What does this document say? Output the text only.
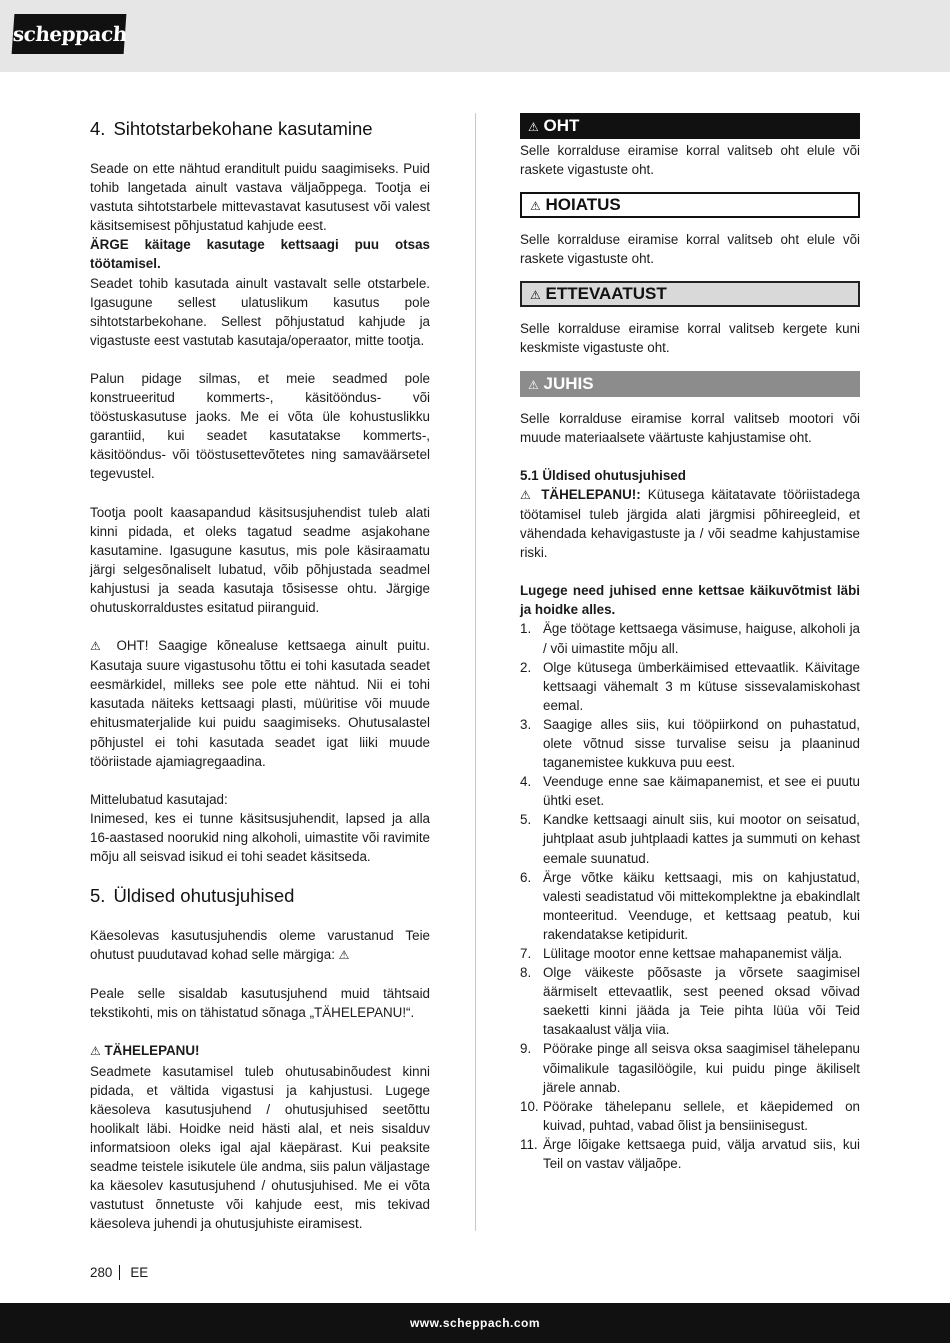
scheppach
4. Sihtotstarbekohane kasutamine

Seade on ette nähtud eranditult puidu saagimiseks. Puid tohib langetada ainult vastava väljaõppega. Tootja ei vastuta sihtotstarbele mittevastavat kasutusest või valest käsitsemisest põhjustatud kahjude eest.

ÄRGE käitage kasutage kettsaagi puu otsas töötamisel.

Seadet tohib kasutada ainult vastavalt selle otstarbele. Igasugune sellest ulatuslikum kasutus pole sihtotstarbekohane. Sellest põhjustatud kahjude ja vigastuste eest vastutab kasutaja/operaator, mitte tootja.

Palun pidage silmas, et meie seadmed pole konstrueeritud kommerts-, käsitööndus- või tööstuskasutuse jaoks. Me ei võta üle kohustuslikku garantiid, kui seadet kasutatakse kommerts-, käsitööndus- või tööstusettevõtetes ning samaväärsetel tegevustel.

Tootja poolt kaasapandud käsitsusjuhendist tuleb alati kinni pidada, et oleks tagatud seadme asjakohane kasutamine. Igasugune kasutus, mis pole käsiraamatu järgi selgesõnaliselt lubatud, võib põhjustada seadmel kahjustusi ja seada kasutaja tõsisesse ohtu. Järgige ohutuskorraldustes esitatud piiranguid.

⚠ OHT! Saagige kõnealuse kettsaega ainult puitu. Kasutaja suure vigastusohu tõttu ei tohi kasutada seadet eesmärkidel, milleks see pole ette nähtud. Nii ei tohi kasutada näiteks kettsaagi plasti, müüritise või muude ehitusmaterjalide kui puidu saagimiseks. Ohutusalastel põhjustel ei tohi kasutada seadet igat liiki muude tööriistade ajamiagregaadina.

Mittelubatud kasutajad:

Inimesed, kes ei tunne käsitsusjuhendit, lapsed ja alla 16-aastased noorukid ning alkoholi, uimastite või ravimite mõju all seisvad isikud ei tohi seadet käsitseda.

5. Üldised ohutusjuhised

Käesolevas kasutusjuhendis oleme varustanud Teie ohutust puudutavad kohad selle märgiga: ⚠

Peale selle sisaldab kasutusjuhend muid tähtsaid tekstikohti, mis on tähistatud sõnaga „TÄHELEPANU!“.

⚠ TÄHELEPANU!

Seadmete kasutamisel tuleb ohutusabinõudest kinni pidada, et vältida vigastusi ja kahjustusi. Lugege käesoleva kasutusjuhend / ohutusjuhised seetõttu hoolikalt läbi. Hoidke neid hästi alal, et neis sisalduv informatsioon oleks igal ajal käepärast. Kui peaksite seadme teistele isikutele üle andma, siis palun väljastage ka käesolev kasutusjuhend / ohutusjuhised. Me ei võta vastutust õnnetuste või kahjude eest, mis tekivad käesoleva juhendi ja ohutusjuhiste eiramisest.

⚠ OHT

Selle korralduse eiramise korral valitseb oht elule või raskete vigastuste oht.

⚠ HOIATUS

Selle korralduse eiramise korral valitseb oht elule või raskete vigastuste oht.

⚠ ETTEVAATUST

Selle korralduse eiramise korral valitseb kergete kuni keskmiste vigastuste oht.

⚠ JUHIS

Selle korralduse eiramise korral valitseb mootori või muude materiaalsete väärtuste kahjustamise oht.

5.1 Üldised ohutusjuhised

⚠ TÄHELEPANU!: Kütusega käitatavate tööriistadega töötamisel tuleb järgida alati järgmisi põhireegleid, et vähendada kehavigastuste ja / või seadme kahjustamise riski.

Lugege need juhised enne kettsae käikuvõtmist läbi ja hoidke alles.

1. Äge töötage kettsaega väsimuse, haiguse, alkoholi ja / või uimastite mõju all.
2. Olge kütusega ümberkäimised ettevaatlik. Käivitage kettsaagi vähemalt 3 m kütuse sissevalamiskohast eemal.
3. Saagige alles siis, kui tööpiirkond on puhastatud, olete võtnud sisse turvalise seisu ja plaaninud taganemistee kukkuva puu eest.
4. Veenduge enne sae käimapanemist, et see ei puutu ühtki eset.
5. Kandke kettsaagi ainult siis, kui mootor on seisatud, juhtplaat asub juhtplaadi kattes ja summuti on kehast eemale suunatud.
6. Ärge võtke käiku kettsaagi, mis on kahjustatud, valesti seadistatud või mittekomplektne ja ebakindlalt monteeritud. Veenduge, et kettsaag peatub, kui rakendatakse ketipidurit.
7. Lülitage mootor enne kettsae mahapanemist välja.
8. Olge väikeste põõsaste ja võrsete saagimisel äärmiselt ettevaatlik, sest peened oksad võivad saeketti kinni jääda ja Teie pihta lüüa või Teid tasakaalust välja viia.
9. Pöörake pinge all seisva oksa saagimisel tähelepanu võimalikule tagasilöögile, kui puidu pinge äkiliselt järele annab.
10. Pöörake tähelepanu sellele, et käepidemed on kuivad, puhtad, vabad õlist ja bensiinisegust.
11. Ärge lõigake kettsaega puid, välja arvatud siis, kui Teil on vastav väljaõpe.
280 EE
www.scheppach.com
